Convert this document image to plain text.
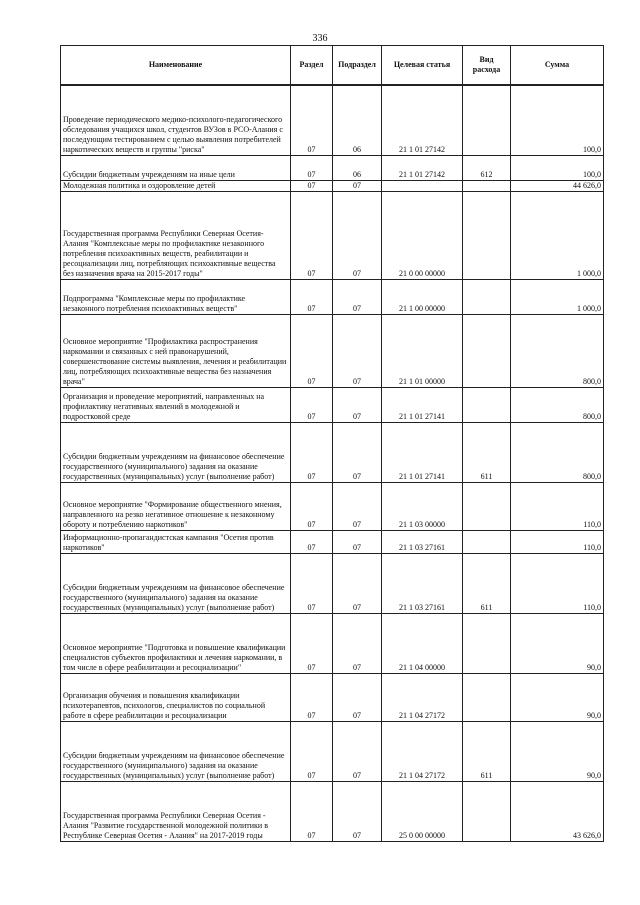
336
Наименование	Раздел	Подраздел	Целевая статья	Вид расхода	Сумма
Проведение периодического медико-психолого-педагогического обследования учащихся школ, студентов ВУЗов в РСО-Алания с последующим тестированием с целью выявления потребителей наркотических веществ и группы "риска"	07	06	21 1 01 27142		100,0
Субсидии бюджетным учреждениям на иные цели	07	06	21 1 01 27142	612	100,0
Молодежная политика и оздоровление детей	07	07			44 626,0
Государственная программа Республики Северная Осетия-Алания "Комплексные меры по профилактике незаконного потребления психоактивных веществ, реабилитации и ресоциализации лиц, потребляющих психоактивные вещества без назначения врача на 2015-2017 годы"	07	07	21 0 00 00000		1 000,0
Подпрограмма "Комплексные меры по профилактике незаконного потребления психоактивных веществ"	07	07	21 1 00 00000		1 000,0
Основное мероприятие "Профилактика распространения наркомании и связанных с ней правонарушений, совершенствование системы выявления, лечения и реабилитации лиц, потребляющих психоактивные вещества без назначения врача"	07	07	21 1 01 00000		800,0
Организация и проведение мероприятий, направленных на профилактику негативных явлений в молодежной и подростковой среде	07	07	21 1 01 27141		800,0
Субсидии бюджетным учреждениям на финансовое обеспечение государственного (муниципального) задания на оказание государственных (муниципальных) услуг (выполнение работ)	07	07	21 1 01 27141	611	800,0
Основное мероприятие "Формирование общественного мнения, направленного на резко негативное отношение к незаконному обороту и потреблению наркотиков"	07	07	21 1 03 00000		110,0
Информационно-пропагандистская кампания "Осетия против наркотиков"	07	07	21 1 03 27161		110,0
Субсидии бюджетным учреждениям на финансовое обеспечение государственного (муниципального) задания на оказание государственных (муниципальных) услуг (выполнение работ)	07	07	21 1 03 27161	611	110,0
Основное мероприятие "Подготовка и повышение квалификации специалистов субъектов профилактики и лечения наркомании, в том числе в сфере реабилитации и ресоциализации"	07	07	21 1 04 00000		90,0
Организация обучения и повышения квалификации психотерапевтов, психологов, специалистов по социальной работе в сфере реабилитации и ресоциализации	07	07	21 1 04 27172		90,0
Субсидии бюджетным учреждениям на финансовое обеспечение государственного (муниципального) задания на оказание государственных (муниципальных) услуг (выполнение работ)	07	07	21 1 04 27172	611	90,0
Государственная программа Республики Северная Осетия - Алания "Развитие государственной молодежной политики в Республике Северная Осетия - Алания" на 2017-2019 годы	07	07	25 0 00 00000		43 626,0
